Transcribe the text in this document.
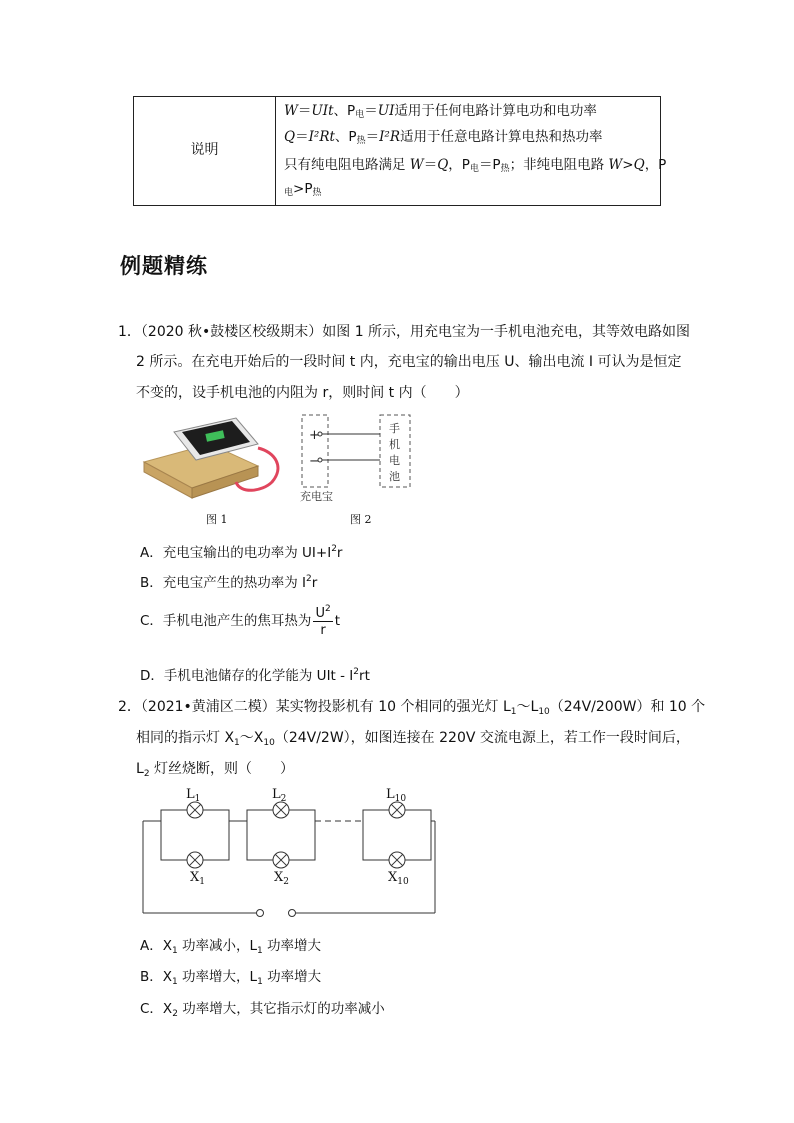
说明
W＝UIt、$P_电=UI$适用于任何电路计算电功和电功率
Q＝I²Rt、$P_热=I^2R$适用于任意电路计算电热和热功率
只有纯电阻电路满足 W＝Q，$P_电=P_热$；非纯电阻电路 W>Q，P
$_电>P_热$
例题精练
1．（2020 秋•鼓楼区校级期末）如图 1 所示，用充电宝为一手机电池充电，其等效电路如图
2 所示。在充电开始后的一段时间 t 内，充电宝的输出电压 U、输出电流 I 可认为是恒定
不变的，设手机电池的内阻为 r，则时间 t 内（　　）
图 1
+
−
手
机
电
池
充电宝
图 2
A．充电宝输出的电功率为 $UI+I^2r$
B．充电宝产生的热功率为 $I^2r$
C．手机电池产生的焦耳热为 $\frac{U^2}{r}$ t
D．手机电池储存的化学能为 UIt - $I^2rt$
2．（2021•黄浦区二模）某实物投影机有 10 个相同的强光灯 $L_1\sim L_{10}(24V/200W)$和 10 个
相同的指示灯 $X_1\sim X_{10}(24V/2W)$，如图连接在 220V 交流电源上，若工作一段时间后，
$L_2$ 灯丝烧断，则（　　）
$L_1$	$L_2$	$L_{10}$
$X_1$	$X_2$	$X_{10}$
A．$X_1$ 功率减小，$L_1$ 功率增大
B．$X_1$ 功率增大，$L_1$ 功率增大
C．$X_2$ 功率增大，其它指示灯的功率减小
